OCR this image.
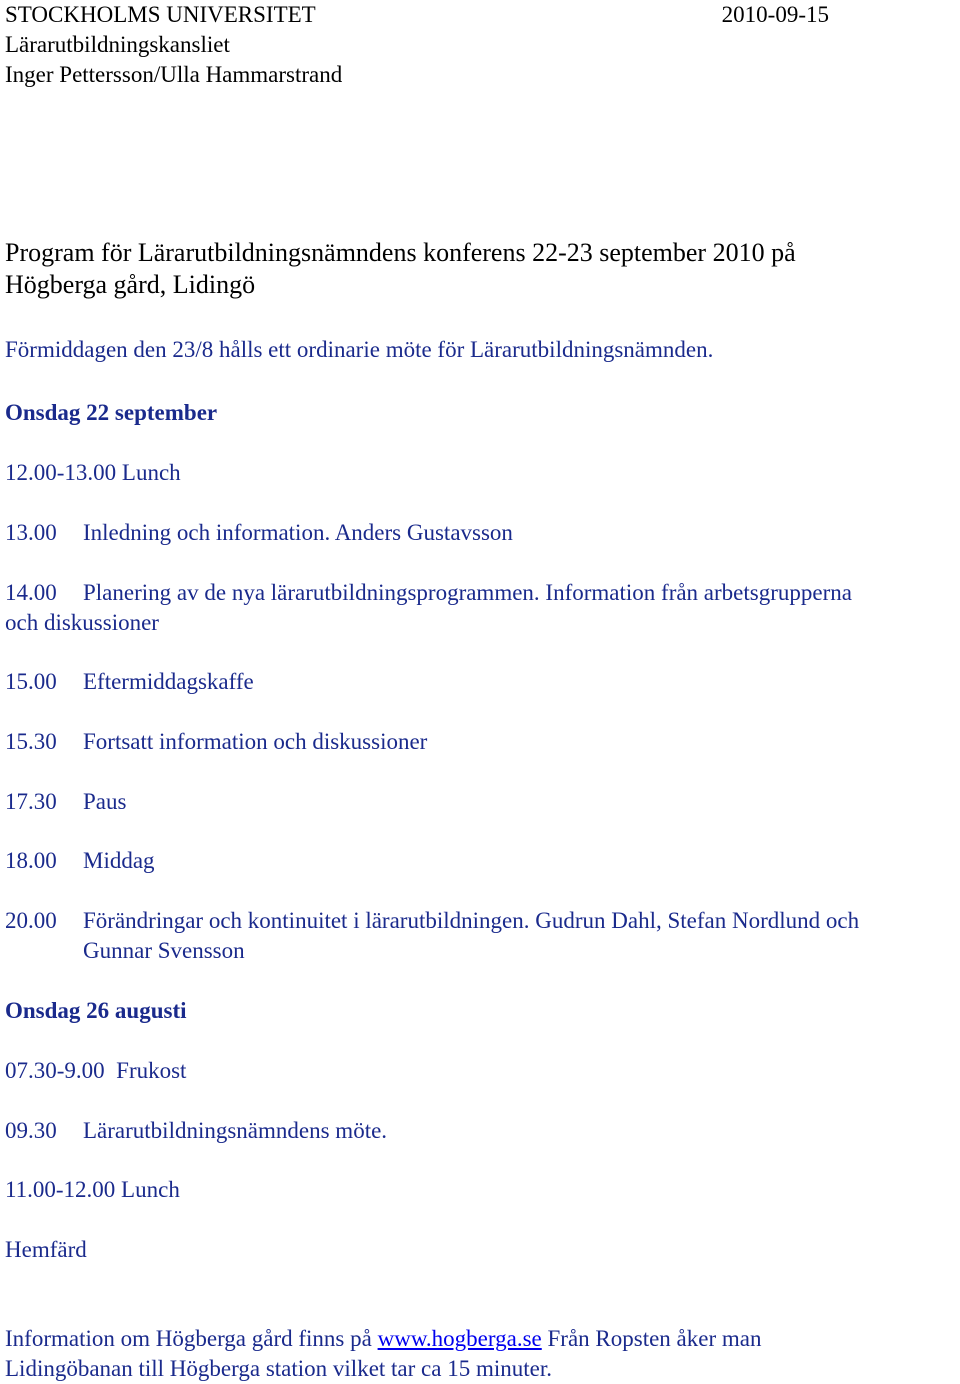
STOCKHOLMS UNIVERSITET	2010-09-15
Lärarutbildningskansliet
Inger Pettersson/Ulla Hammarstrand
Program för Lärarutbildningsnämndens konferens 22-23 september 2010 på
Högberga gård, Lidingö
Förmiddagen den 23/8 hålls ett ordinarie möte för Lärarutbildningsnämnden.
Onsdag 22 september
12.00-13.00 Lunch
13.00 Inledning och information. Anders Gustavsson
14.00 Planering av de nya lärarutbildningsprogrammen. Information från arbetsgrupperna
och diskussioner
15.00 Eftermiddagskaffe
15.30 Fortsatt information och diskussioner
17.30 Paus
18.00 Middag
20.00 Förändringar och kontinuitet i lärarutbildningen. Gudrun Dahl, Stefan Nordlund och
Gunnar Svensson
Onsdag 26 augusti
07.30-9.00  Frukost
09.30 Lärarutbildningsnämndens möte.
11.00-12.00 Lunch
Hemfärd
Information om Högberga gård finns på www.hogberga.se Från Ropsten åker man
Lidingöbanan till Högberga station vilket tar ca 15 minuter.
